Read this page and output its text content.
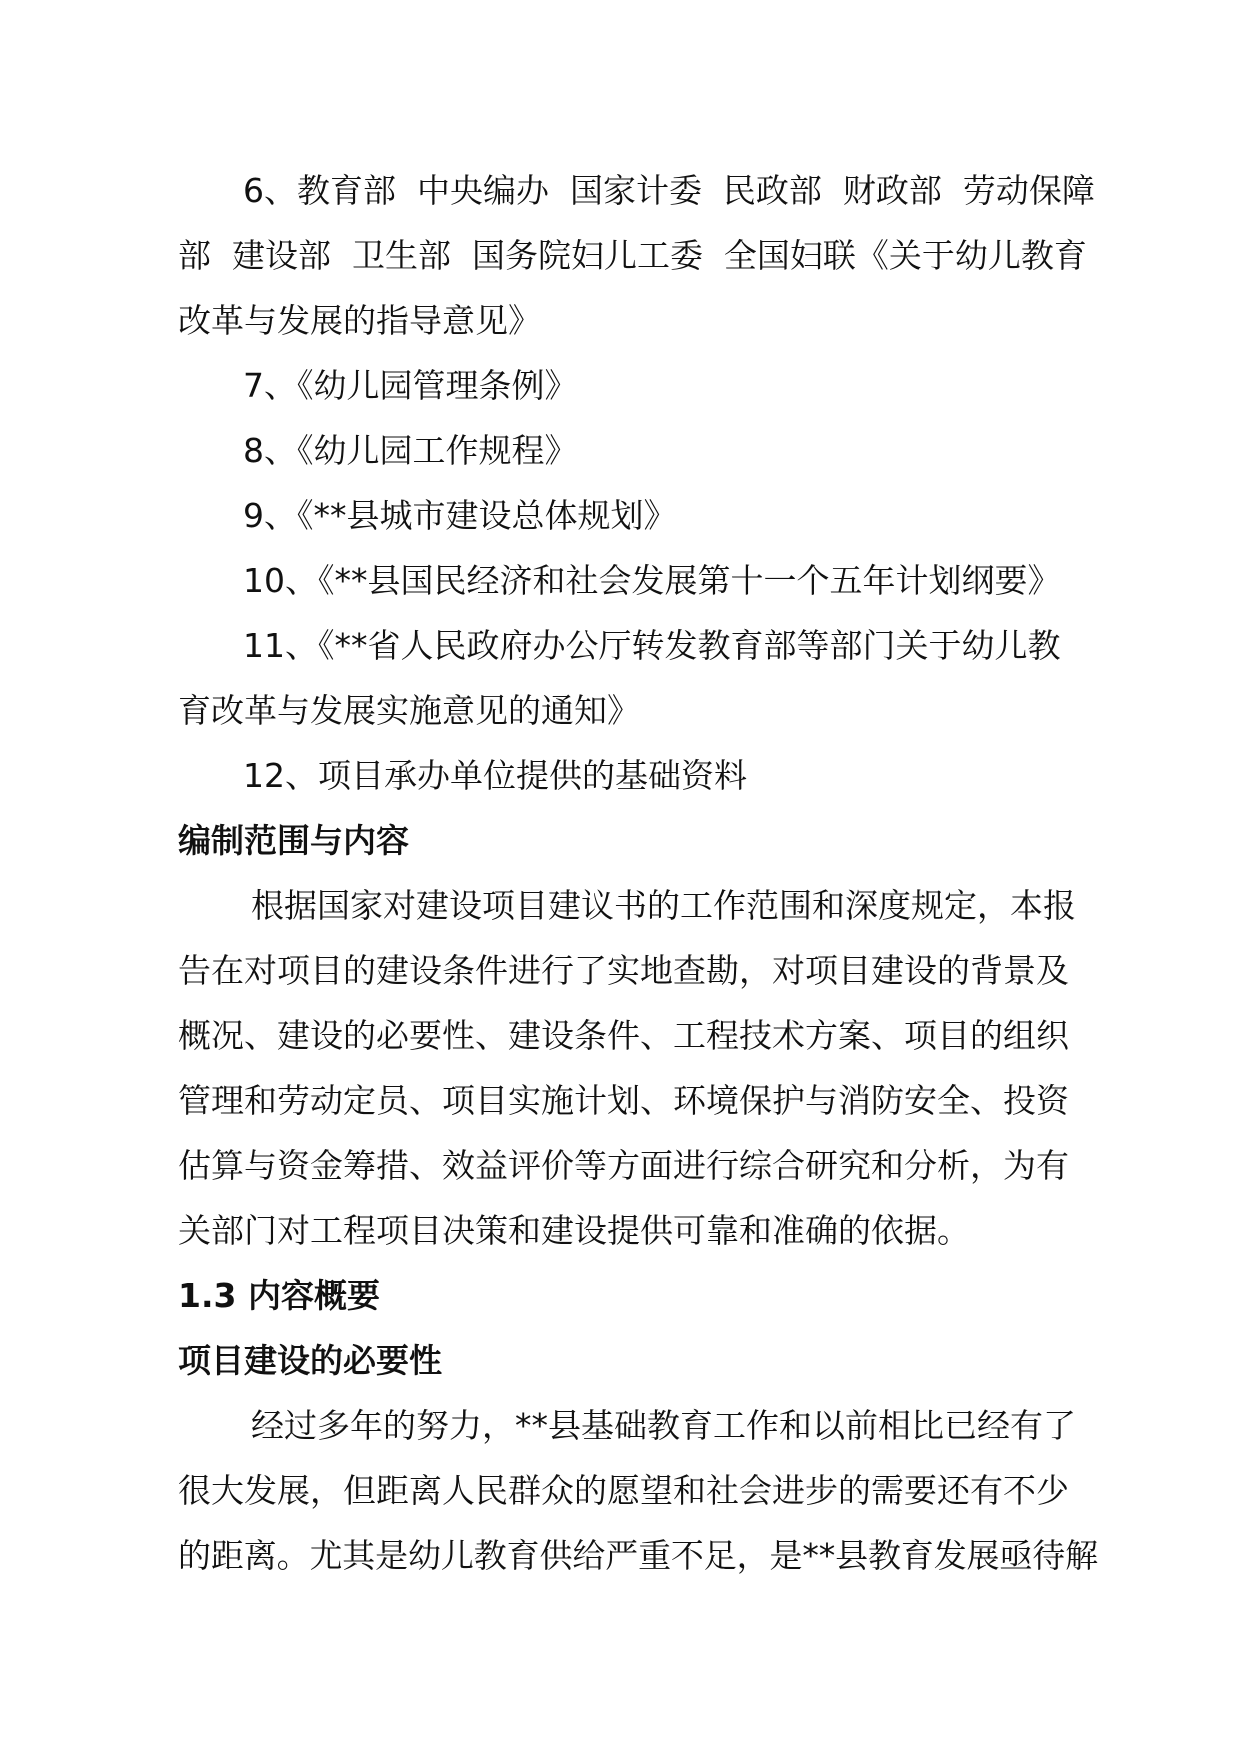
6、教育部  中央编办  国家计委  民政部  财政部  劳动保障
部  建设部  卫生部  国务院妇儿工委  全国妇联《关于幼儿教育
改革与发展的指导意见》
7、《幼儿园管理条例》
8、《幼儿园工作规程》
9、《**县城市建设总体规划》
10、《**县国民经济和社会发展第十一个五年计划纲要》
11、《**省人民政府办公厅转发教育部等部门关于幼儿教
育改革与发展实施意见的通知》
12、项目承办单位提供的基础资料
编制范围与内容
根据国家对建设项目建议书的工作范围和深度规定，本报
告在对项目的建设条件进行了实地查勘，对项目建设的背景及
概况、建设的必要性、建设条件、工程技术方案、项目的组织
管理和劳动定员、项目实施计划、环境保护与消防安全、投资
估算与资金筹措、效益评价等方面进行综合研究和分析，为有
关部门对工程项目决策和建设提供可靠和准确的依据。
1.3 内容概要
项目建设的必要性
经过多年的努力，**县基础教育工作和以前相比已经有了
很大发展，但距离人民群众的愿望和社会进步的需要还有不少
的距离。尤其是幼儿教育供给严重不足，是**县教育发展亟待解
